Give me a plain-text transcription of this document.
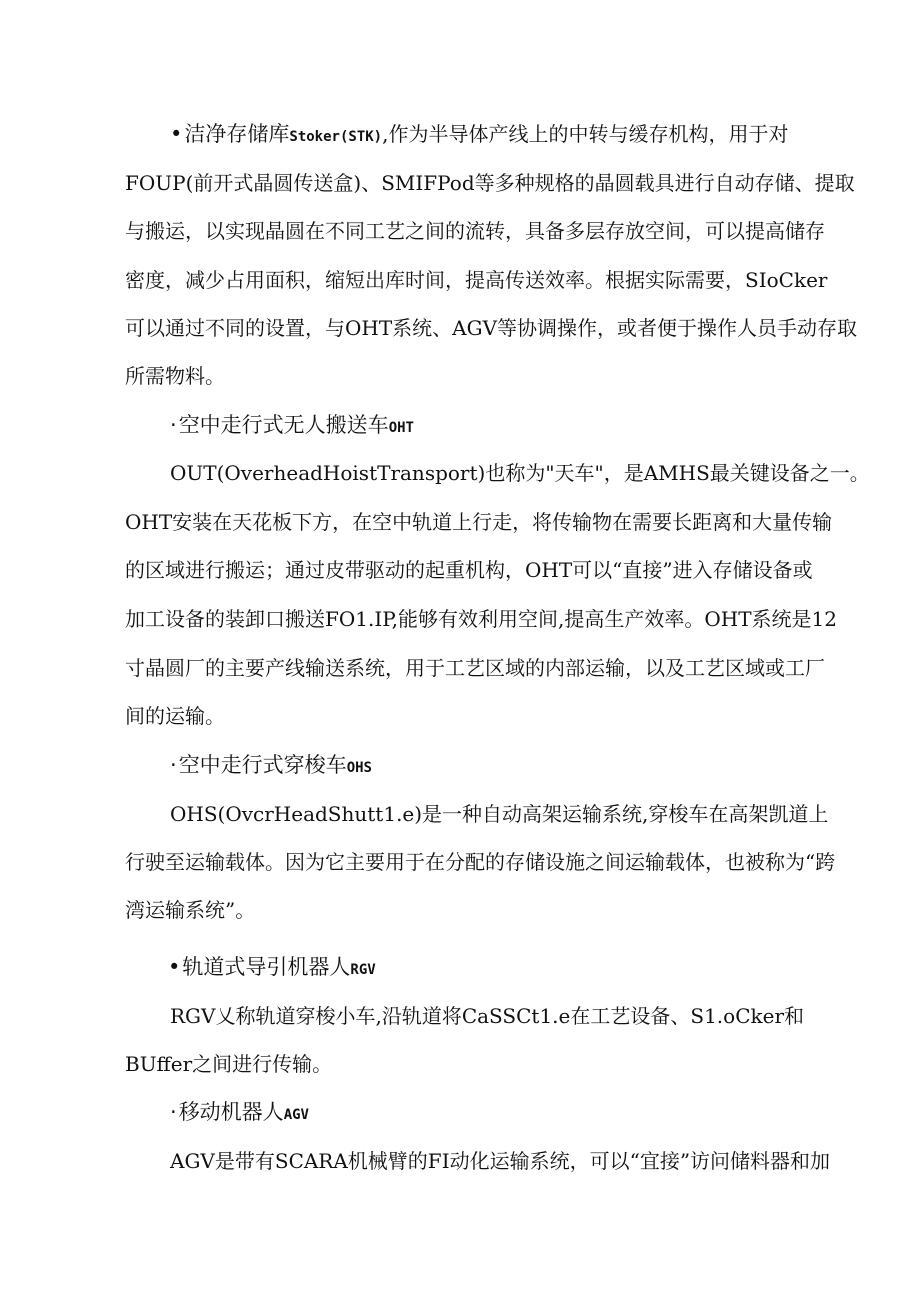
•洁净存储库Stoker(STK),作为半导体产线上的中转与缓存机构，用于对
FOUP(前开式晶圆传送盒)、SMIFPod等多种规格的晶圆载具进行自动存储、提取
与搬运，以实现晶圆在不同工艺之间的流转，具备多层存放空间，可以提高储存
密度，减少占用面积，缩短出库时间，提高传送效率。根据实际需要，SIoCker
可以通过不同的设置，与OHT系统、AGV等协调操作，或者便于操作人员手动存取
所需物料。
·空中走行式无人搬送车OHT
OUT(OverheadHoistTransport)也称为"天车"，是AMHS最关键设备之一。
OHT安装在天花板下方，在空中轨道上行走，将传输物在需要长距离和大量传输
的区域进行搬运；通过皮带驱动的起重机构，OHT可以“直接”进入存储设备或
加工设备的装卸口搬送FO1.IP,能够有效利用空间,提高生产效率。OHT系统是12
寸晶圆厂的主要产线输送系统，用于工艺区域的内部运输，以及工艺区域或工厂
间的运输。
·空中走行式穿梭车OHS
OHS(OvcrHeadShutt1.e)是一种自动高架运输系统,穿梭车在高架凯道上
行驶至运输载体。因为它主要用于在分配的存储设施之间运输载体，也被称为“跨
湾运输系统”。
•轨道式导引机器人RGV
RGV乂称轨道穿梭小车,沿轨道将CaSSCt1.e在工艺设备、S1.oCker和
BUffer之间进行传输。
·移动机器人AGV
AGV是带有SCARA机械臂的FI动化运输系统，可以“宜接”访问储料器和加
